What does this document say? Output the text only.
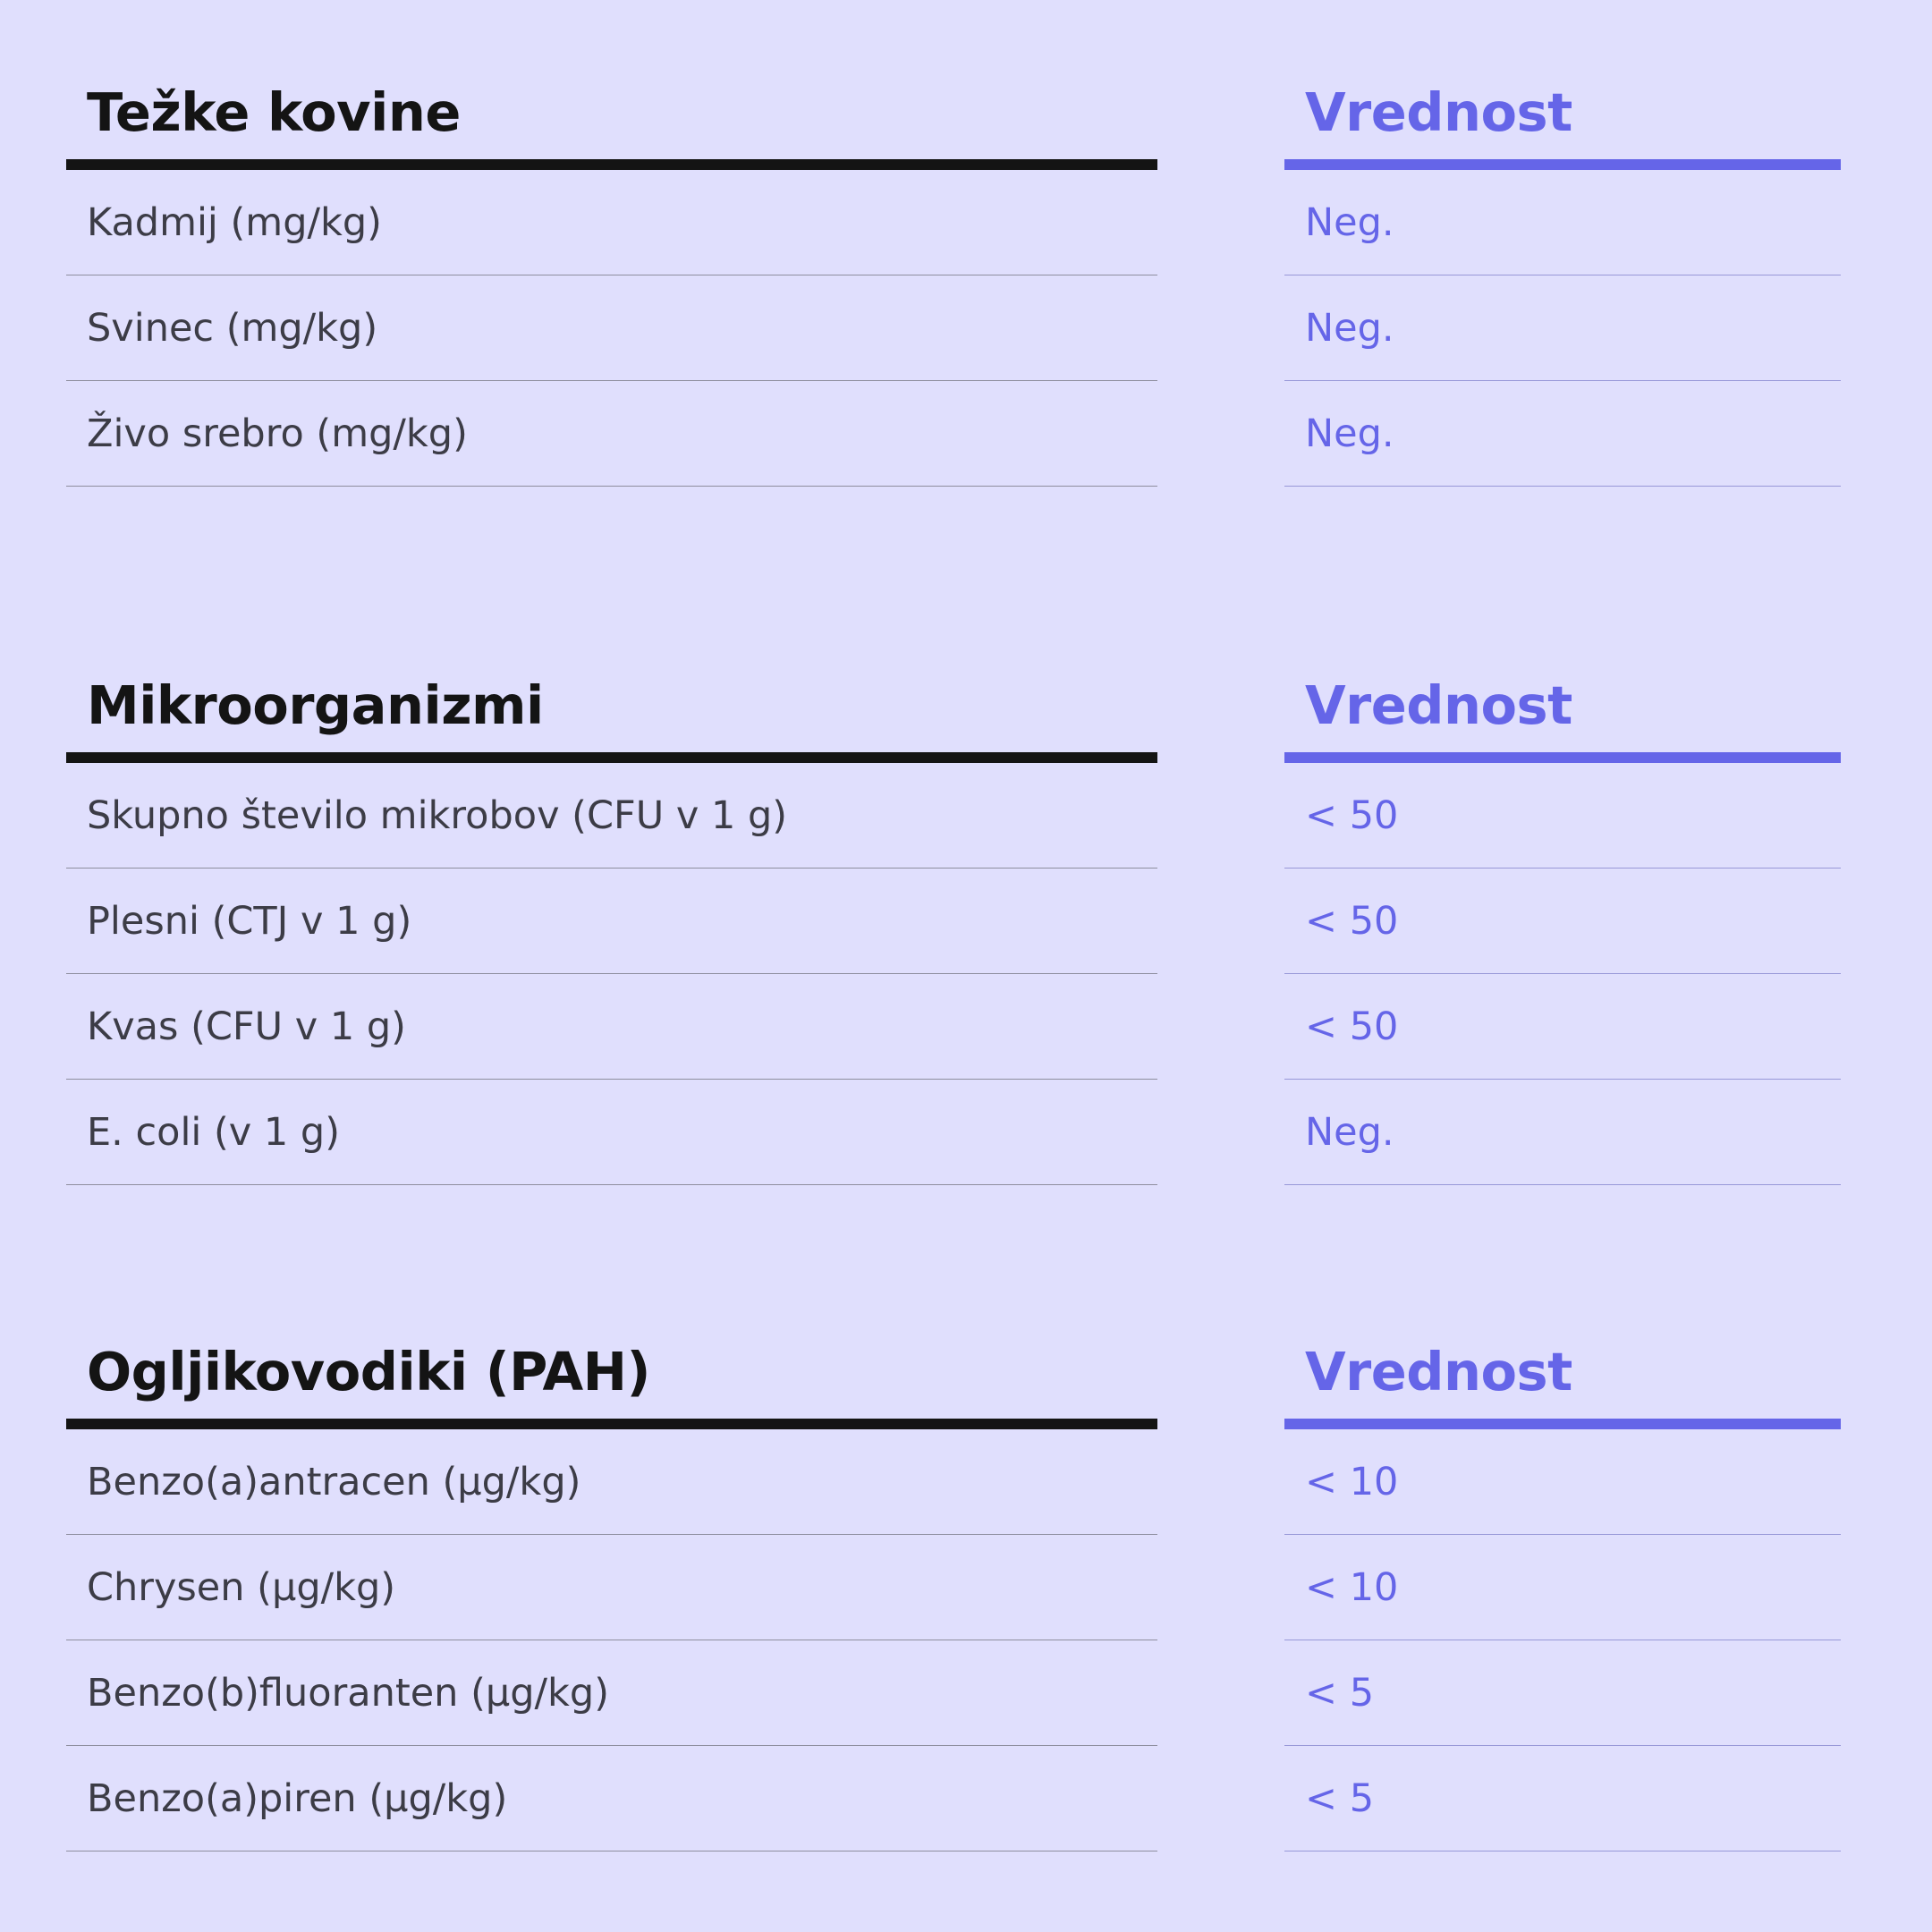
Težke kovine
Kadmij (mg/kg)
Svinec (mg/kg)
Živo srebro (mg/kg)
Vrednost
Neg.
Neg.
Neg.
Mikroorganizmi
Skupno število mikrobov (CFU v 1 g)
Plesni (CTJ v 1 g)
Kvas (CFU v 1 g)
E. coli (v 1 g)
Vrednost
< 50
< 50
< 50
Neg.
Ogljikovodiki (PAH)
Benzo(a)antracen (μg/kg)
Chrysen (μg/kg)
Benzo(b)fluoranten (μg/kg)
Benzo(a)piren (μg/kg)
Vrednost
< 10
< 10
< 5
< 5
